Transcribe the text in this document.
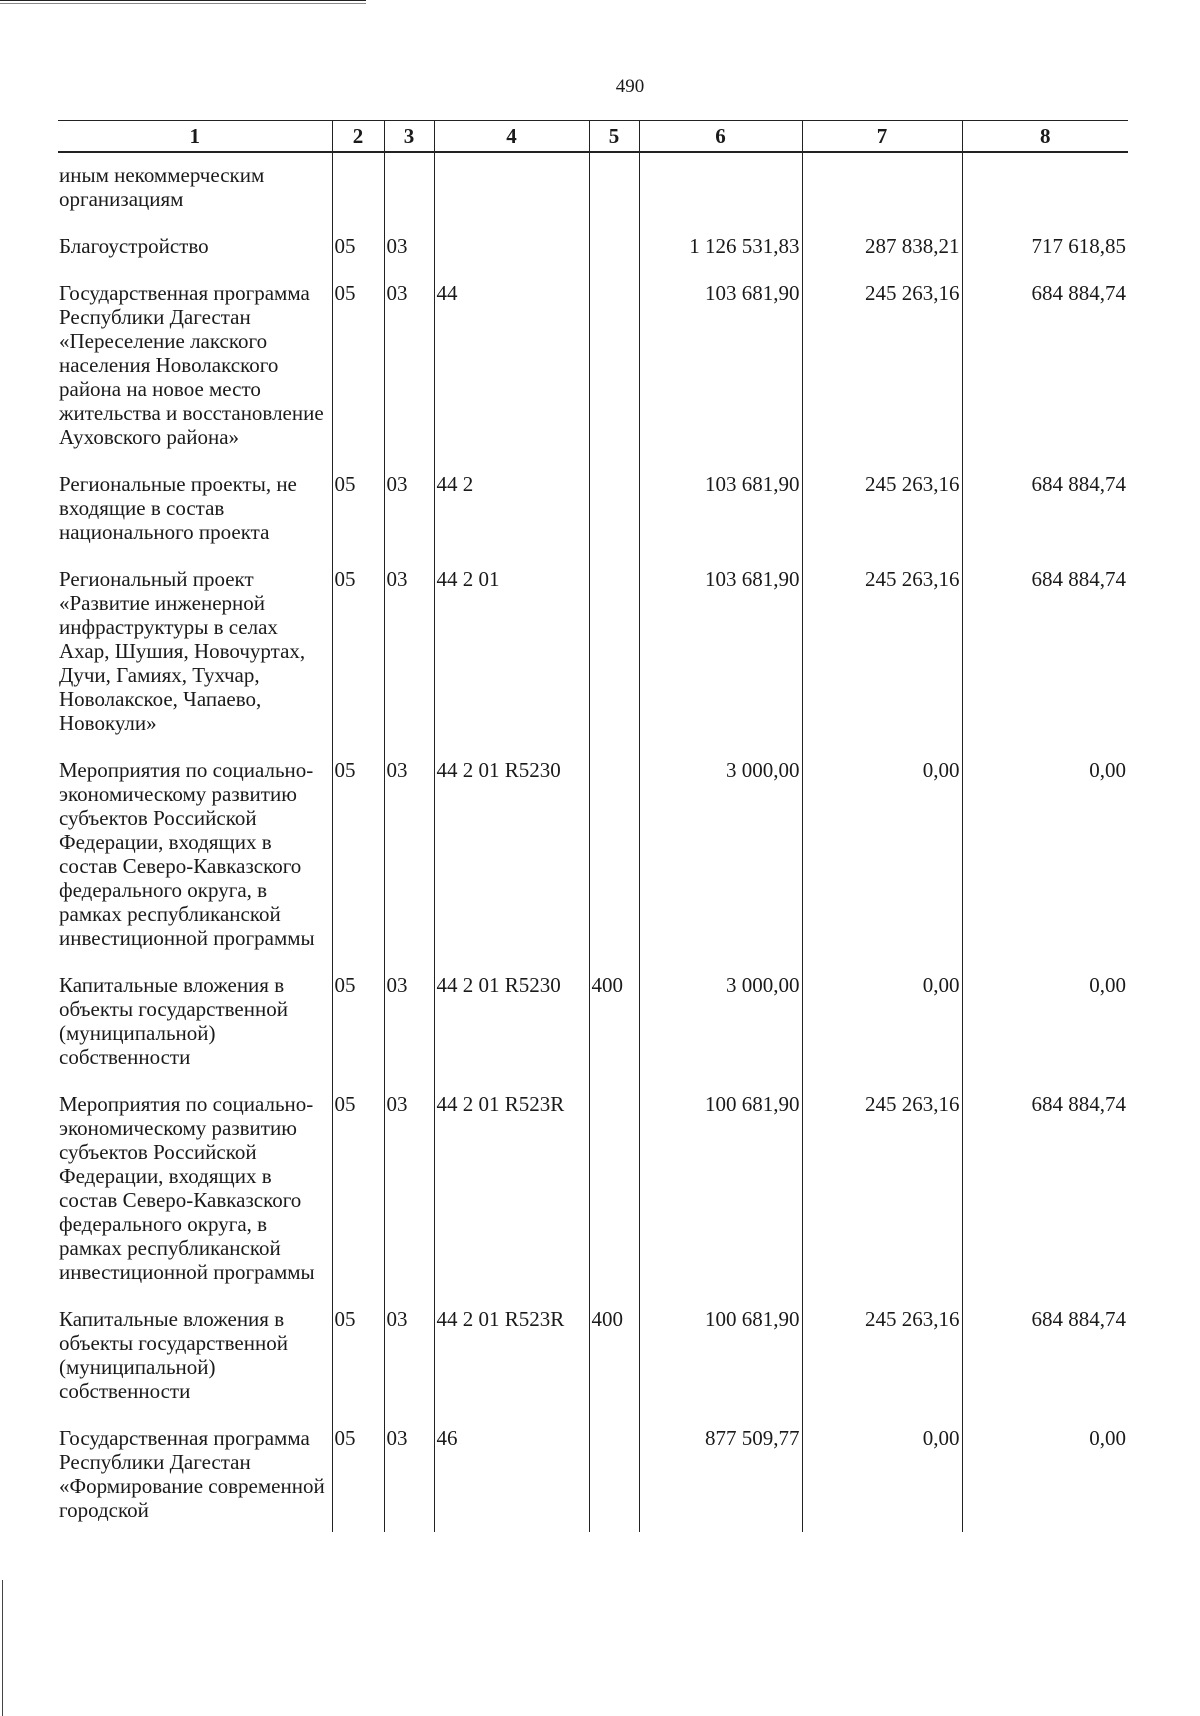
490
1	2	3	4	5	6	7	8
иным некоммерческим организациям							
Благоустройство	05	03			1 126 531,83	287 838,21	717 618,85
Государственная программа Республики Дагестан «Переселение лакского населения Новолакского района на новое место жительства и восстановление Ауховского района»	05	03	44		103 681,90	245 263,16	684 884,74
Региональные проекты, не входящие в состав национального проекта	05	03	44 2		103 681,90	245 263,16	684 884,74
Региональный проект «Развитие инженерной инфраструктуры в селах Ахар, Шушия, Новочуртах, Дучи, Гамиях, Тухчар, Новолакское, Чапаево, Новокули»	05	03	44 2 01		103 681,90	245 263,16	684 884,74
Мероприятия по социально-экономическому развитию субъектов Российской Федерации, входящих в состав Северо-Кавказского федерального округа, в рамках республиканской инвестиционной программы	05	03	44 2 01 R5230		3 000,00	0,00	0,00
Капитальные вложения в объекты государственной (муниципальной) собственности	05	03	44 2 01 R5230	400	3 000,00	0,00	0,00
Мероприятия по социально-экономическому развитию субъектов Российской Федерации, входящих в состав Северо-Кавказского федерального округа, в рамках республиканской инвестиционной программы	05	03	44 2 01 R523R		100 681,90	245 263,16	684 884,74
Капитальные вложения в объекты государственной (муниципальной) собственности	05	03	44 2 01 R523R	400	100 681,90	245 263,16	684 884,74
Государственная программа Республики Дагестан «Формирование современной городской	05	03	46		877 509,77	0,00	0,00
